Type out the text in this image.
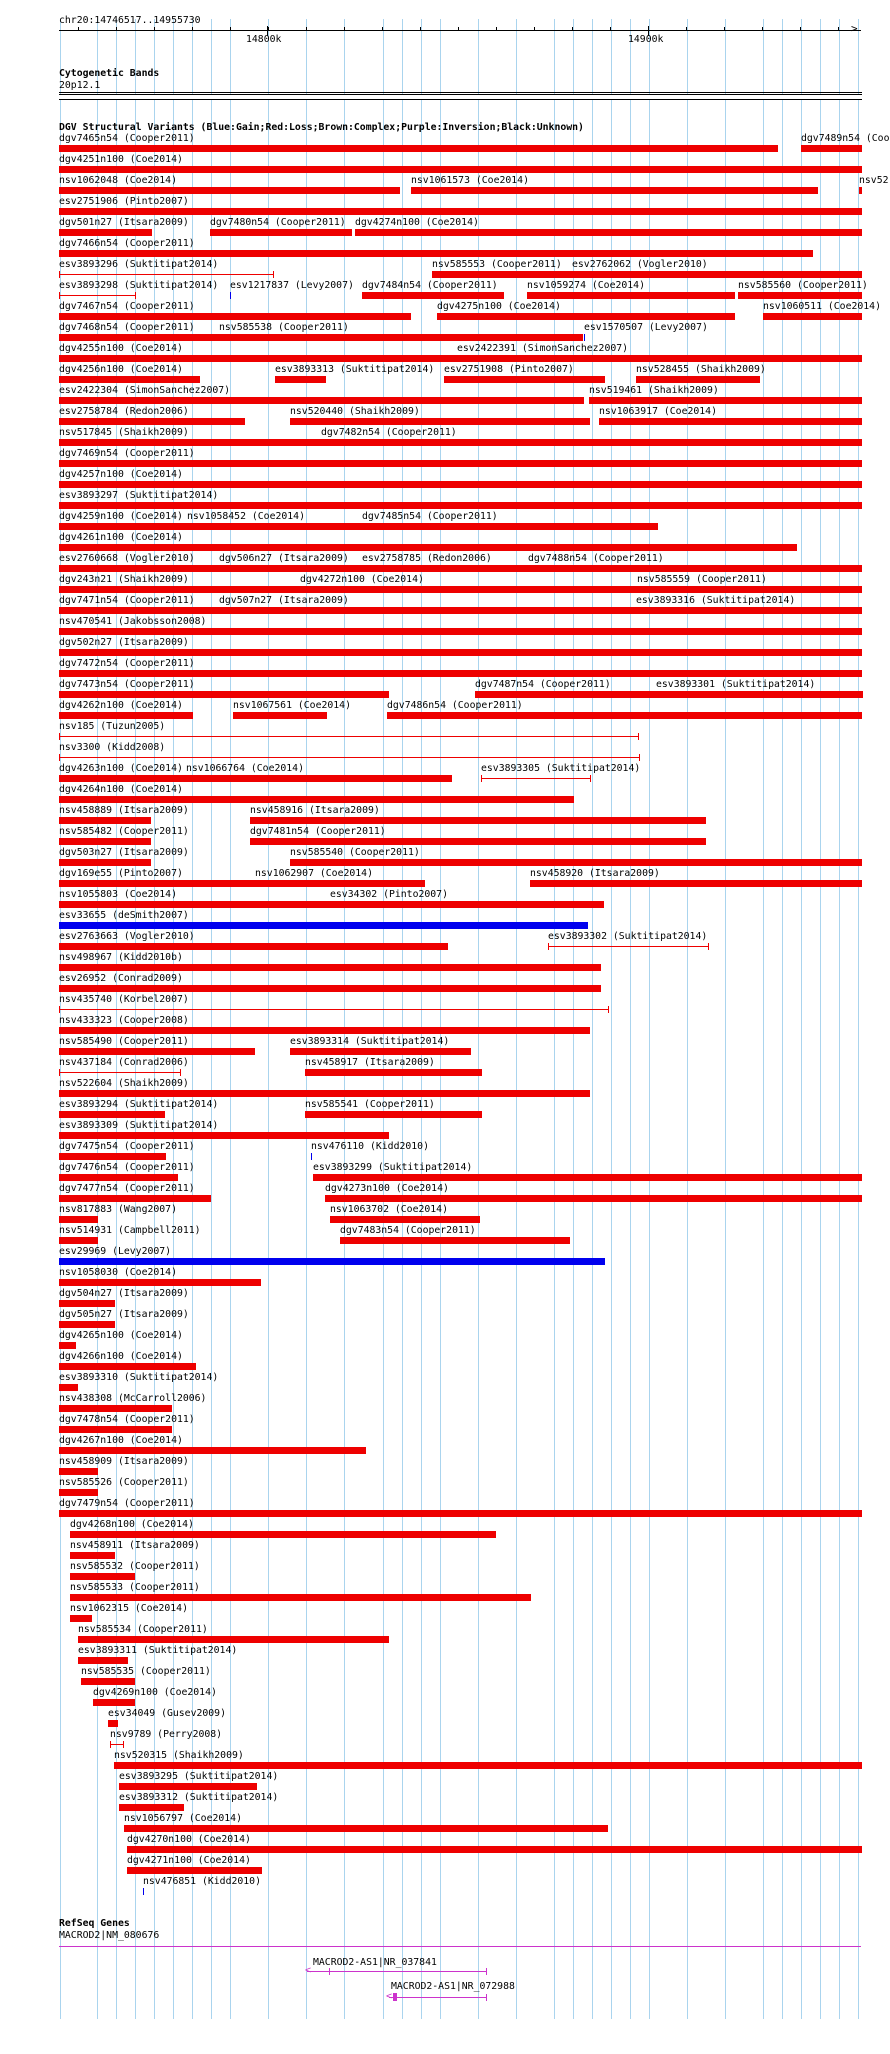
chr20:14746517..14955730
14800k	14900k
>
Cytogenetic Bands
20p12.1
DGV Structural Variants (Blue:Gain;Red:Loss;Brown:Complex;Purple:Inversion;Black:Unknown)
dgv7465n54 (Cooper2011)	dgv7489n54 (Coo
dgv4251n100 (Coe2014)
nsv1062048 (Coe2014)	nsv1061573 (Coe2014)	nsv52
esv2751906 (Pinto2007)
dgv501n27 (Itsara2009) dgv7480n54 (Cooper2011) dgv4274n100 (Coe2014)
dgv7466n54 (Cooper2011)
esv3893296 (Suktitipat2014)	nsv585553 (Cooper2011) esv2762062 (Vogler2010)
esv3893298 (Suktitipat2014) esv1217837 (Levy2007) dgv7484n54 (Cooper2011)	nsv1059274 (Coe2014)	nsv585560 (Cooper2011)
dgv7467n54 (Cooper2011)	dgv4275n100 (Coe2014)	nsv1060511 (Coe2014)
dgv7468n54 (Cooper2011) nsv585538 (Cooper2011)	esv1570507 (Levy2007)
dgv4255n100 (Coe2014)	esv2422391 (SimonSanchez2007)
dgv4256n100 (Coe2014)	esv3893313 (Suktitipat2014) esv2751908 (Pinto2007)	nsv528455 (Shaikh2009)
esv2422304 (SimonSanchez2007)	nsv519461 (Shaikh2009)
esv2758784 (Redon2006)	nsv520440 (Shaikh2009)	nsv1063917 (Coe2014)
nsv517845 (Shaikh2009)	dgv7482n54 (Cooper2011)
dgv7469n54 (Cooper2011)
dgv4257n100 (Coe2014)
esv3893297 (Suktitipat2014)
dgv4259n100 (Coe2014) nsv1058452 (Coe2014)	dgv7485n54 (Cooper2011)
dgv4261n100 (Coe2014)
esv2760668 (Vogler2010) dgv506n27 (Itsara2009) esv2758785 (Redon2006)	dgv7488n54 (Cooper2011)
dgv243n21 (Shaikh2009)	dgv4272n100 (Coe2014)	nsv585559 (Cooper2011)
dgv7471n54 (Cooper2011) dgv507n27 (Itsara2009)	esv3893316 (Suktitipat2014)
nsv470541 (Jakobsson2008)
dgv502n27 (Itsara2009)
dgv7472n54 (Cooper2011)
dgv7473n54 (Cooper2011)	dgv7487n54 (Cooper2011)	esv3893301 (Suktitipat2014)
dgv4262n100 (Coe2014)	nsv1067561 (Coe2014)	dgv7486n54 (Cooper2011)
nsv185 (Tuzun2005)
nsv3300 (Kidd2008)
dgv4263n100 (Coe2014) nsv1066764 (Coe2014)	esv3893305 (Suktitipat2014)
dgv4264n100 (Coe2014)
nsv458889 (Itsara2009)	nsv458916 (Itsara2009)
nsv585482 (Cooper2011)	dgv7481n54 (Cooper2011)
dgv503n27 (Itsara2009)	nsv585540 (Cooper2011)
dgv169e55 (Pinto2007)	nsv1062907 (Coe2014)	nsv458920 (Itsara2009)
nsv1055803 (Coe2014)	esv34302 (Pinto2007)
esv33655 (deSmith2007)
esv2763663 (Vogler2010)	esv3893302 (Suktitipat2014)
nsv498967 (Kidd2010b)
esv26952 (Conrad2009)
nsv435740 (Korbel2007)
nsv433323 (Cooper2008)
nsv585490 (Cooper2011)	esv3893314 (Suktitipat2014)
nsv437184 (Conrad2006)	nsv458917 (Itsara2009)
nsv522604 (Shaikh2009)
esv3893294 (Suktitipat2014)	nsv585541 (Cooper2011)
esv3893309 (Suktitipat2014)
dgv7475n54 (Cooper2011)	nsv476110 (Kidd2010)
dgv7476n54 (Cooper2011)	esv3893299 (Suktitipat2014)
dgv7477n54 (Cooper2011)	dgv4273n100 (Coe2014)
nsv817883 (Wang2007)	nsv1063702 (Coe2014)
nsv514931 (Campbell2011)	dgv7483n54 (Cooper2011)
esv29969 (Levy2007)
nsv1058030 (Coe2014)
dgv504n27 (Itsara2009)
dgv505n27 (Itsara2009)
dgv4265n100 (Coe2014)
dgv4266n100 (Coe2014)
esv3893310 (Suktitipat2014)
nsv438308 (McCarroll2006)
dgv7478n54 (Cooper2011)
dgv4267n100 (Coe2014)
nsv458909 (Itsara2009)
nsv585526 (Cooper2011)
dgv7479n54 (Cooper2011)
dgv4268n100 (Coe2014)
nsv458911 (Itsara2009)
nsv585532 (Cooper2011)
nsv585533 (Cooper2011)
nsv1062315 (Coe2014)
nsv585534 (Cooper2011)
esv3893311 (Suktitipat2014)
nsv585535 (Cooper2011)
dgv4269n100 (Coe2014)
esv34049 (Gusev2009)
nsv9789 (Perry2008)
nsv520315 (Shaikh2009)
esv3893295 (Suktitipat2014)
esv3893312 (Suktitipat2014)
nsv1056797 (Coe2014)
dgv4270n100 (Coe2014)
dgv4271n100 (Coe2014)
nsv476851 (Kidd2010)
RefSeq Genes
MACROD2|NM_080676
MACROD2-AS1|NR_037841
<
MACROD2-AS1|NR_072988
<
